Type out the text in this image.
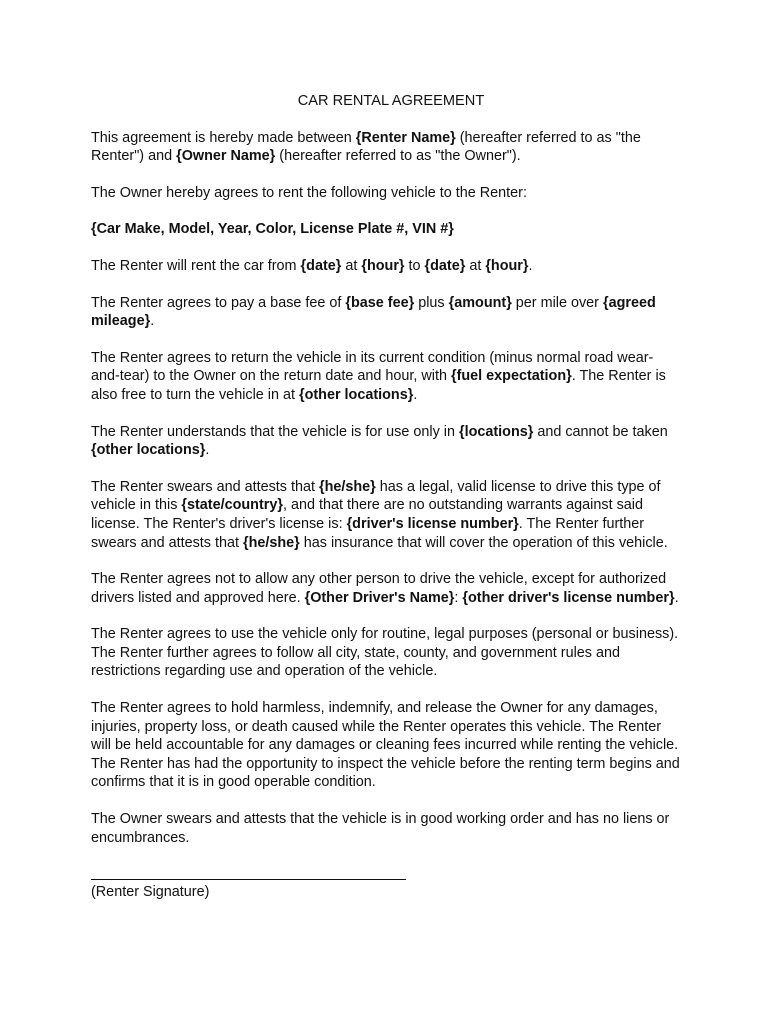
CAR RENTAL AGREEMENT

This agreement is hereby made between {Renter Name} (hereafter referred to as "the Renter") and {Owner Name} (hereafter referred to as "the Owner").

The Owner hereby agrees to rent the following vehicle to the Renter:

{Car Make, Model, Year, Color, License Plate #, VIN #}

The Renter will rent the car from {date} at {hour} to {date} at {hour}.

The Renter agrees to pay a base fee of {base fee} plus {amount} per mile over {agreed mileage}.

The Renter agrees to return the vehicle in its current condition (minus normal road wear-and-tear) to the Owner on the return date and hour, with {fuel expectation}. The Renter is also free to turn the vehicle in at {other locations}.

The Renter understands that the vehicle is for use only in {locations} and cannot be taken {other locations}.

The Renter swears and attests that {he/she} has a legal, valid license to drive this type of vehicle in this {state/country}, and that there are no outstanding warrants against said license. The Renter's driver's license is: {driver's license number}. The Renter further swears and attests that {he/she} has insurance that will cover the operation of this vehicle.

The Renter agrees not to allow any other person to drive the vehicle, except for authorized drivers listed and approved here. {Other Driver's Name}: {other driver's license number}.

The Renter agrees to use the vehicle only for routine, legal purposes (personal or business). The Renter further agrees to follow all city, state, county, and government rules and restrictions regarding use and operation of the vehicle.

The Renter agrees to hold harmless, indemnify, and release the Owner for any damages, injuries, property loss, or death caused while the Renter operates this vehicle. The Renter will be held accountable for any damages or cleaning fees incurred while renting the vehicle. The Renter has had the opportunity to inspect the vehicle before the renting term begins and confirms that it is in good operable condition.

The Owner swears and attests that the vehicle is in good working order and has no liens or encumbrances.

(Renter Signature)
